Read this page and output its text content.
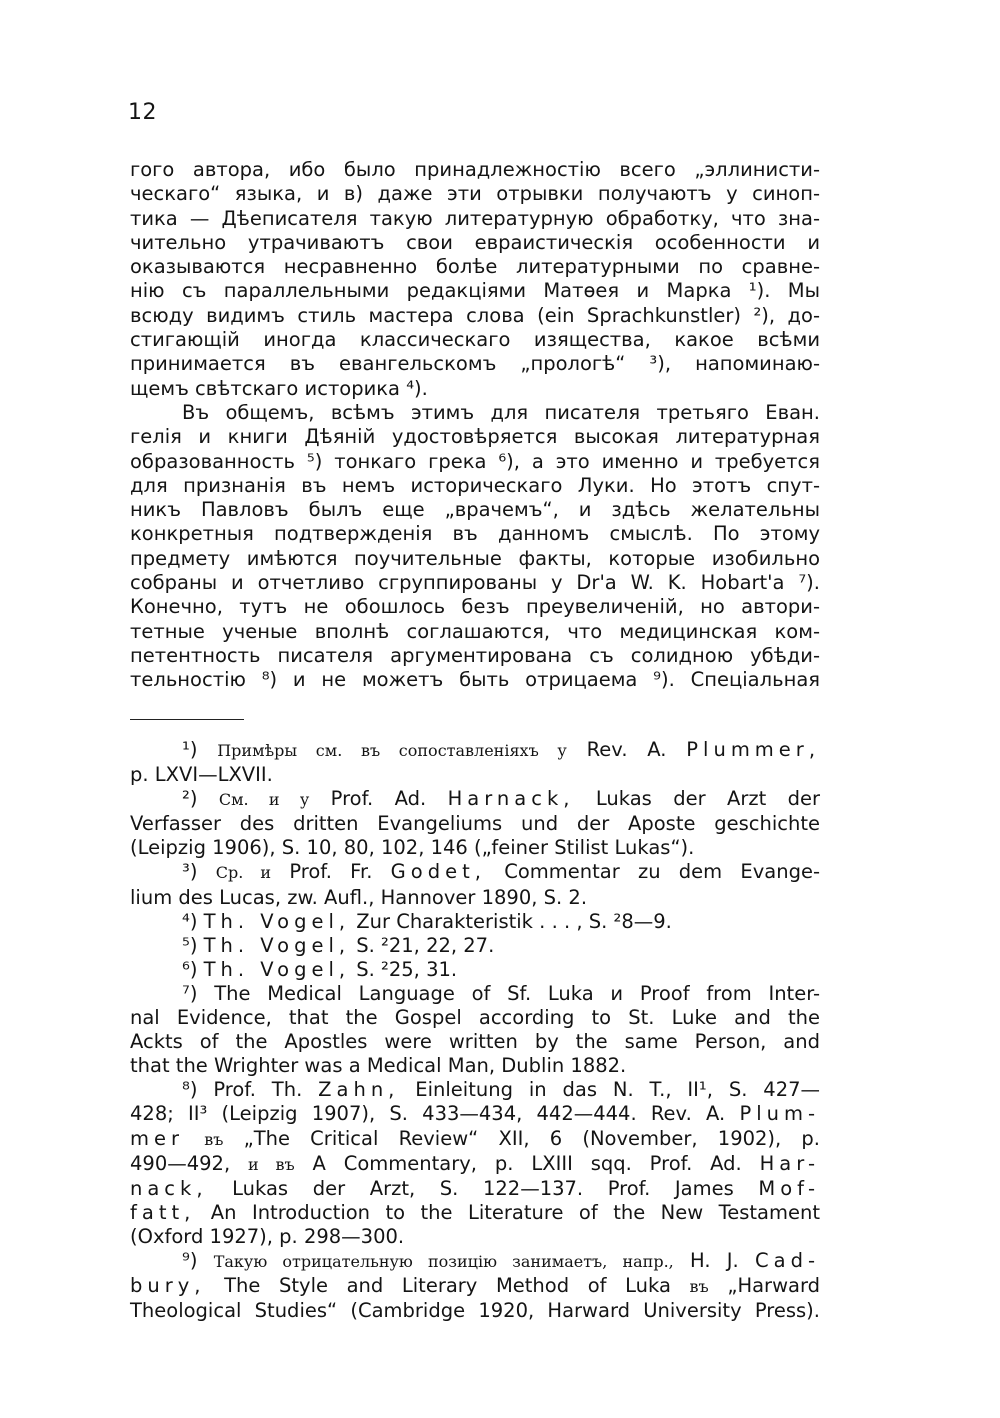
12
гого автора, ибо было принадлежностію всего „эллинисти-
ческаго“ языка, и в) даже эти отрывки получаютъ у синоп-
тика — Дѣеписателя такую литературную обработку, что зна-
чительно утрачиваютъ свои евраистическія особенности и
оказываются несравненно болѣе литературными по сравне-
нію съ параллельными редакціями Матѳея и Марка ¹). Мы
всюду видимъ стиль мастера слова (ein Sprachkunstler) ²), до-
стигающій иногда классическаго изящества, какое всѣми
принимается въ евангельскомъ „прологѣ“ ³), напоминаю-
щемъ свѣтскаго историка ⁴).
Въ общемъ, всѣмъ этимъ для писателя третьяго Еван.
гелія и книги Дѣяній удостовѣряется высокая литературная
образованность ⁵) тонкаго грека ⁶), а это именно и требуется
для признанія въ немъ историческаго Луки. Но этотъ спут-
никъ Павловъ былъ еще „врачемъ“, и здѣсь желательны
конкретныя подтвержденія въ данномъ смыслѣ. По этому
предмету имѣются поучительные факты, которые изобильно
собраны и отчетливо сгруппированы у Dr'a W. K. Hobart'a ⁷).
Конечно, тутъ не обошлось безъ преувеличеній, но автори-
тетные ученые вполнѣ соглашаются, что медицинская ком-
петентность писателя аргументирована съ солидною убѣди-
тельностію ⁸) и не можетъ быть отрицаема ⁹). Спеціальная
¹) Примѣры см. въ сопоставленіяхъ у Rev. A. Plummer,
p. LXVI—LXVII.
²) См. и у Prof. Ad. Harnack, Lukas der Arzt der
Verfasser des dritten Evangeliums und der Aposte geschichte
(Leipzig 1906), S. 10, 80, 102, 146 („feiner Stilist Lukas“).
³) Ср. и Prof. Fr. Godet, Commentar zu dem Evange-
lium des Lucas, zw. Aufl., Hannover 1890, S. 2.
⁴) Th. Vogel, Zur Charakteristik . . . , S. ²8—9.
⁵) Th. Vogel, S. ²21, 22, 27.
⁶) Th. Vogel, S. ²25, 31.
⁷) The Medical Language of Sf. Luka и Proof from Inter-
nal Evidence, that the Gospel according to St. Luke and the
Ackts of the Apostles were written by the same Person, and
that the Wrighter was a Medical Man, Dublin 1882.
⁸) Prof. Th. Zahn, Einleitung in das N. T., II¹, S. 427—
428; II³ (Leipzig 1907), S. 433—434, 442—444. Rev. A. Plum-
mer въ „The Critical Review“ XII, 6 (November, 1902), p.
490—492, и въ A Commentary, p. LXIII sqq. Prof. Ad. Har-
nack, Lukas der Arzt, S. 122—137. Prof. James Mof-
fatt, An Introduction to the Literature of the New Testament
(Oxford 1927), p. 298—300.
⁹) Такую отрицательную позицію занимаетъ, напр., H. J. Cad-
bury, The Style and Literary Method of Luka въ „Harward
Theological Studies“ (Cambridge 1920, Harward University Press).
